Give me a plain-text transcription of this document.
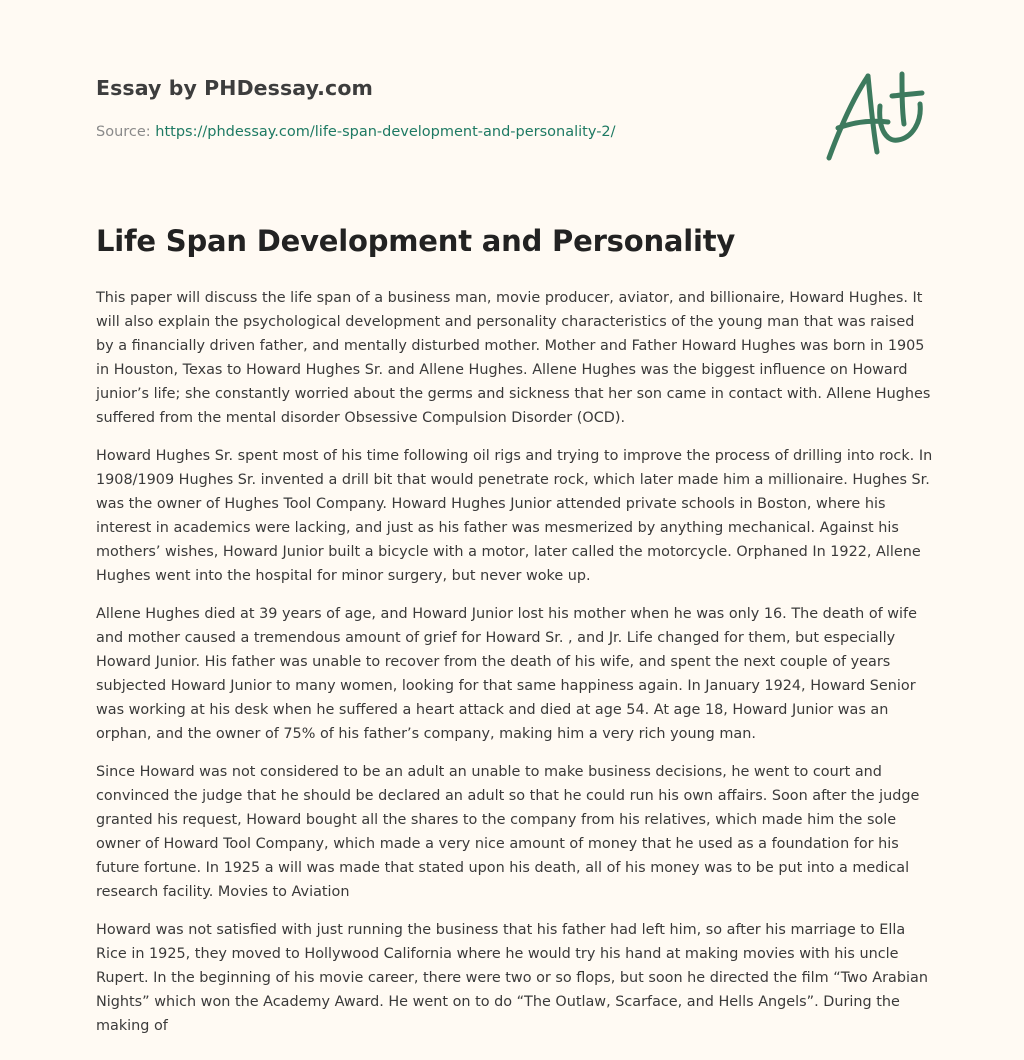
Essay by PHDessay.com
Source: https://phdessay.com/life-span-development-and-personality-2/
Life Span Development and Personality

This paper will discuss the life span of a business man, movie producer, aviator, and billionaire, Howard Hughes. It will also explain the psychological development and personality characteristics of the young man that was raised by a financially driven father, and mentally disturbed mother. Mother and Father Howard Hughes was born in 1905 in Houston, Texas to Howard Hughes Sr. and Allene Hughes. Allene Hughes was the biggest influence on Howard junior’s life; she constantly worried about the germs and sickness that her son came in contact with. Allene Hughes suffered from the mental disorder Obsessive Compulsion Disorder (OCD).

Howard Hughes Sr. spent most of his time following oil rigs and trying to improve the process of drilling into rock. In 1908/1909 Hughes Sr. invented a drill bit that would penetrate rock, which later made him a millionaire. Hughes Sr. was the owner of Hughes Tool Company. Howard Hughes Junior attended private schools in Boston, where his interest in academics were lacking, and just as his father was mesmerized by anything mechanical. Against his mothers’ wishes, Howard Junior built a bicycle with a motor, later called the motorcycle. Orphaned In 1922, Allene Hughes went into the hospital for minor surgery, but never woke up.

Allene Hughes died at 39 years of age, and Howard Junior lost his mother when he was only 16. The death of wife and mother caused a tremendous amount of grief for Howard Sr. , and Jr. Life changed for them, but especially Howard Junior. His father was unable to recover from the death of his wife, and spent the next couple of years subjected Howard Junior to many women, looking for that same happiness again. In January 1924, Howard Senior was working at his desk when he suffered a heart attack and died at age 54. At age 18, Howard Junior was an orphan, and the owner of 75% of his father’s company, making him a very rich young man.

Since Howard was not considered to be an adult an unable to make business decisions, he went to court and convinced the judge that he should be declared an adult so that he could run his own affairs. Soon after the judge granted his request, Howard bought all the shares to the company from his relatives, which made him the sole owner of Howard Tool Company, which made a very nice amount of money that he used as a foundation for his future fortune. In 1925 a will was made that stated upon his death, all of his money was to be put into a medical research facility. Movies to Aviation

Howard was not satisfied with just running the business that his father had left him, so after his marriage to Ella Rice in 1925, they moved to Hollywood California where he would try his hand at making movies with his uncle Rupert. In the beginning of his movie career, there were two or so flops, but soon he directed the film “Two Arabian Nights” which won the Academy Award. He went on to do “The Outlaw, Scarface, and Hells Angels”. During the making of
